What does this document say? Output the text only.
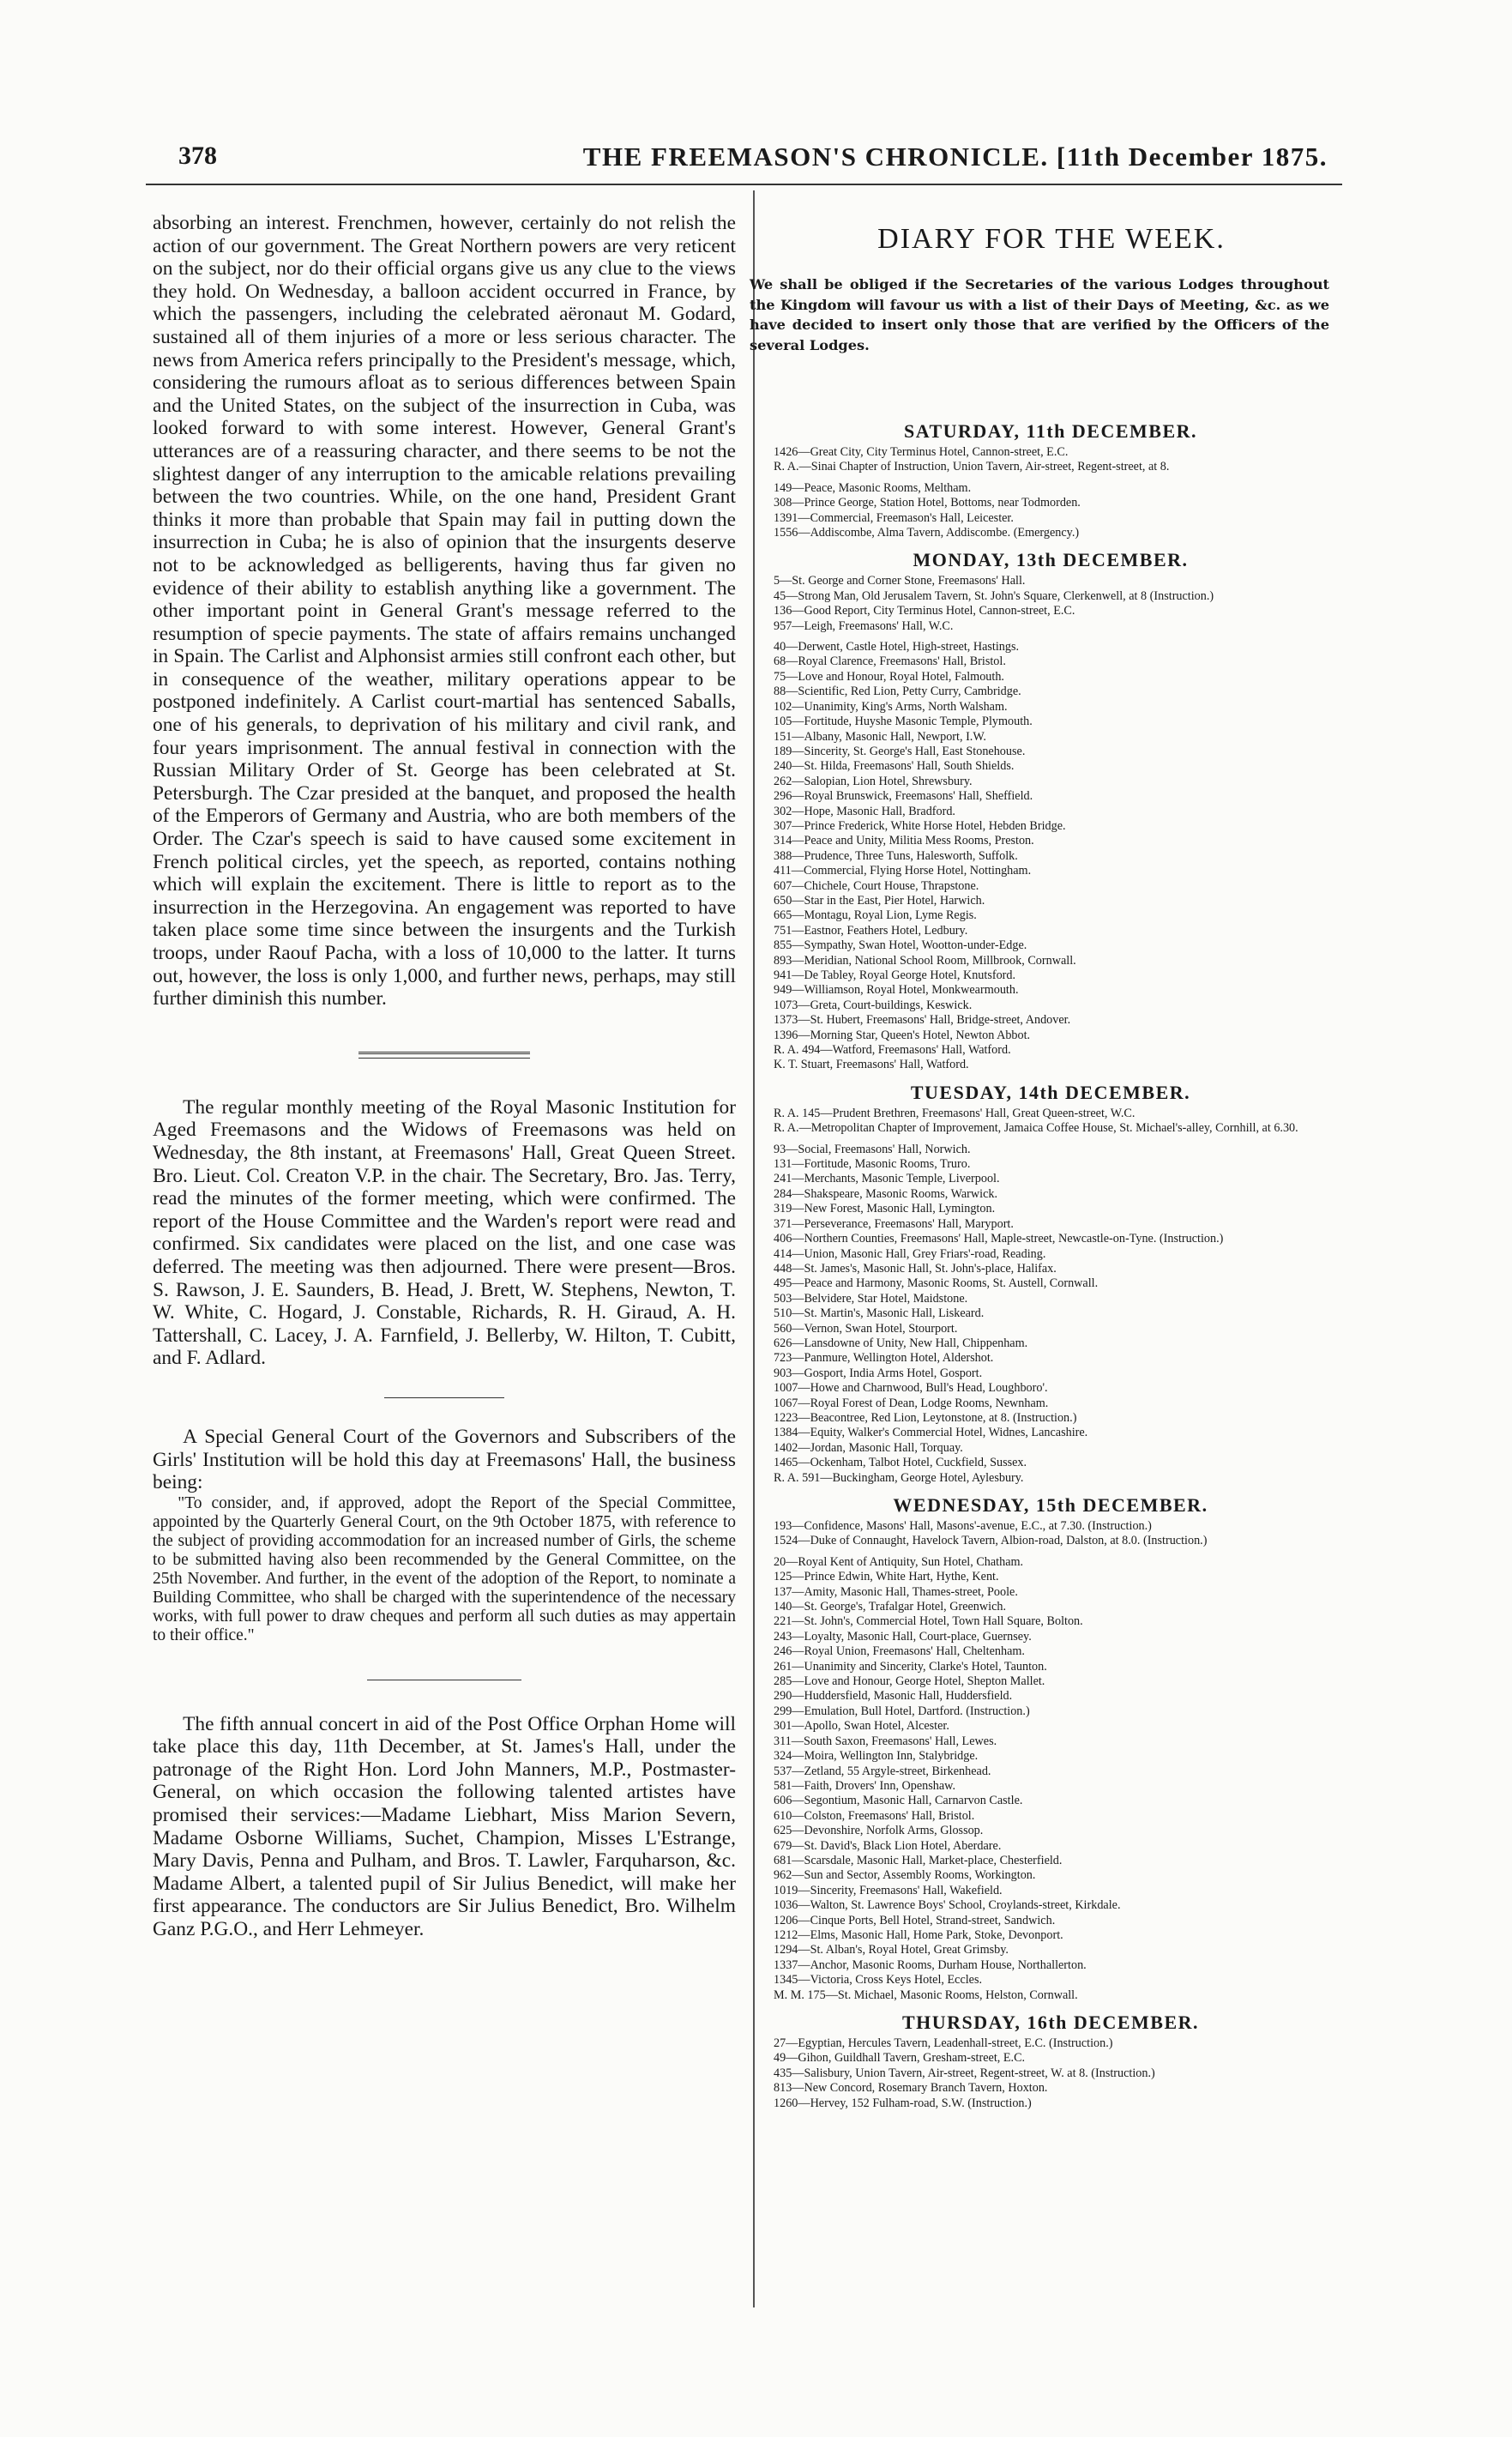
378	THE FREEMASON'S CHRONICLE. [11th December 1875.

absorbing an interest. Frenchmen, however, certainly do not relish the action of our government. The Great Northern powers are very reticent on the subject, nor do their official organs give us any clue to the views they hold. On Wednesday, a balloon accident occurred in France, by which the passengers, including the celebrated aëronaut M. Godard, sustained all of them injuries of a more or less serious character. The news from America refers principally to the President's message, which, considering the rumours afloat as to serious differences between Spain and the United States, on the subject of the insurrection in Cuba, was looked forward to with some interest. However, General Grant's utterances are of a reassuring character, and there seems to be not the slightest danger of any interruption to the amicable relations prevailing between the two countries. While, on the one hand, President Grant thinks it more than probable that Spain may fail in putting down the insurrection in Cuba; he is also of opinion that the insurgents deserve not to be acknowledged as belligerents, having thus far given no evidence of their ability to establish anything like a government. The other important point in General Grant's message referred to the resumption of specie payments. The state of affairs remains unchanged in Spain. The Carlist and Alphonsist armies still confront each other, but in consequence of the weather, military operations appear to be postponed indefinitely. A Carlist court-martial has sentenced Saballs, one of his generals, to deprivation of his military and civil rank, and four years imprisonment. The annual festival in connection with the Russian Military Order of St. George has been celebrated at St. Petersburgh. The Czar presided at the banquet, and proposed the health of the Emperors of Germany and Austria, who are both members of the Order. The Czar's speech is said to have caused some excitement in French political circles, yet the speech, as reported, contains nothing which will explain the excitement. There is little to report as to the insurrection in the Herzegovina. An engagement was reported to have taken place some time since between the insurgents and the Turkish troops, under Raouf Pacha, with a loss of 10,000 to the latter. It turns out, however, the loss is only 1,000, and further news, perhaps, may still further diminish this number.

The regular monthly meeting of the Royal Masonic Institution for Aged Freemasons and the Widows of Freemasons was held on Wednesday, the 8th instant, at Freemasons' Hall, Great Queen Street. Bro. Lieut. Col. Creaton V.P. in the chair. The Secretary, Bro. Jas. Terry, read the minutes of the former meeting, which were confirmed. The report of the House Committee and the Warden's report were read and confirmed. Six candidates were placed on the list, and one case was deferred. The meeting was then adjourned. There were present—Bros. S. Rawson, J. E. Saunders, B. Head, J. Brett, W. Stephens, Newton, T. W. White, C. Hogard, J. Constable, Richards, R. H. Giraud, A. H. Tattershall, C. Lacey, J. A. Farnfield, J. Bellerby, W. Hilton, T. Cubitt, and F. Adlard.

A Special General Court of the Governors and Subscribers of the Girls' Institution will be hold this day at Freemasons' Hall, the business being:

"To consider, and, if approved, adopt the Report of the Special Committee, appointed by the Quarterly General Court, on the 9th October 1875, with reference to the subject of providing accommodation for an increased number of Girls, the scheme to be submitted having also been recommended by the General Committee, on the 25th November. And further, in the event of the adoption of the Report, to nominate a Building Committee, who shall be charged with the superintendence of the necessary works, with full power to draw cheques and perform all such duties as may appertain to their office."

The fifth annual concert in aid of the Post Office Orphan Home will take place this day, 11th December, at St. James's Hall, under the patronage of the Right Hon. Lord John Manners, M.P., Postmaster-General, on which occasion the following talented artistes have promised their services:—Madame Liebhart, Miss Marion Severn, Madame Osborne Williams, Suchet, Champion, Misses L'Estrange, Mary Davis, Penna and Pulham, and Bros. T. Lawler, Farquharson, &c. Madame Albert, a talented pupil of Sir Julius Benedict, will make her first appearance. The conductors are Sir Julius Benedict, Bro. Wilhelm Ganz P.G.O., and Herr Lehmeyer.

DIARY FOR THE WEEK.
We shall be obliged if the Secretaries of the various Lodges throughout the Kingdom will favour us with a list of their Days of Meeting, &c. as we have decided to insert only those that are verified by the Officers of the several Lodges.
SATURDAY, 11th DECEMBER.
1426—Great City, City Terminus Hotel, Cannon-street, E.C.
R. A.—Sinai Chapter of Instruction, Union Tavern, Air-street, Regent-street, at 8.
149—Peace, Masonic Rooms, Meltham.
308—Prince George, Station Hotel, Bottoms, near Todmorden.
1391—Commercial, Freemason's Hall, Leicester.
1556—Addiscombe, Alma Tavern, Addiscombe. (Emergency.)
MONDAY, 13th DECEMBER.
5—St. George and Corner Stone, Freemasons' Hall.
45—Strong Man, Old Jerusalem Tavern, St. John's Square, Clerkenwell, at 8 (Instruction.)
136—Good Report, City Terminus Hotel, Cannon-street, E.C.
957—Leigh, Freemasons' Hall, W.C.
40—Derwent, Castle Hotel, High-street, Hastings.
68—Royal Clarence, Freemasons' Hall, Bristol.
75—Love and Honour, Royal Hotel, Falmouth.
88—Scientific, Red Lion, Petty Curry, Cambridge.
102—Unanimity, King's Arms, North Walsham.
105—Fortitude, Huyshe Masonic Temple, Plymouth.
151—Albany, Masonic Hall, Newport, I.W.
189—Sincerity, St. George's Hall, East Stonehouse.
240—St. Hilda, Freemasons' Hall, South Shields.
262—Salopian, Lion Hotel, Shrewsbury.
296—Royal Brunswick, Freemasons' Hall, Sheffield.
302—Hope, Masonic Hall, Bradford.
307—Prince Frederick, White Horse Hotel, Hebden Bridge.
314—Peace and Unity, Militia Mess Rooms, Preston.
388—Prudence, Three Tuns, Halesworth, Suffolk.
411—Commercial, Flying Horse Hotel, Nottingham.
607—Chichele, Court House, Thrapstone.
650—Star in the East, Pier Hotel, Harwich.
665—Montagu, Royal Lion, Lyme Regis.
751—Eastnor, Feathers Hotel, Ledbury.
855—Sympathy, Swan Hotel, Wootton-under-Edge.
893—Meridian, National School Room, Millbrook, Cornwall.
941—De Tabley, Royal George Hotel, Knutsford.
949—Williamson, Royal Hotel, Monkwearmouth.
1073—Greta, Court-buildings, Keswick.
1373—St. Hubert, Freemasons' Hall, Bridge-street, Andover.
1396—Morning Star, Queen's Hotel, Newton Abbot.
R. A. 494—Watford, Freemasons' Hall, Watford.
K. T. Stuart, Freemasons' Hall, Watford.
TUESDAY, 14th DECEMBER.
R. A. 145—Prudent Brethren, Freemasons' Hall, Great Queen-street, W.C.
R. A.—Metropolitan Chapter of Improvement, Jamaica Coffee House, St. Michael's-alley, Cornhill, at 6.30.
93—Social, Freemasons' Hall, Norwich.
131—Fortitude, Masonic Rooms, Truro.
241—Merchants, Masonic Temple, Liverpool.
284—Shakspeare, Masonic Rooms, Warwick.
319—New Forest, Masonic Hall, Lymington.
371—Perseverance, Freemasons' Hall, Maryport.
406—Northern Counties, Freemasons' Hall, Maple-street, Newcastle-on-Tyne. (Instruction.)
414—Union, Masonic Hall, Grey Friars'-road, Reading.
448—St. James's, Masonic Hall, St. John's-place, Halifax.
495—Peace and Harmony, Masonic Rooms, St. Austell, Cornwall.
503—Belvidere, Star Hotel, Maidstone.
510—St. Martin's, Masonic Hall, Liskeard.
560—Vernon, Swan Hotel, Stourport.
626—Lansdowne of Unity, New Hall, Chippenham.
723—Panmure, Wellington Hotel, Aldershot.
903—Gosport, India Arms Hotel, Gosport.
1007—Howe and Charnwood, Bull's Head, Loughboro'.
1067—Royal Forest of Dean, Lodge Rooms, Newnham.
1223—Beacontree, Red Lion, Leytonstone, at 8. (Instruction.)
1384—Equity, Walker's Commercial Hotel, Widnes, Lancashire.
1402—Jordan, Masonic Hall, Torquay.
1465—Ockenham, Talbot Hotel, Cuckfield, Sussex.
R. A. 591—Buckingham, George Hotel, Aylesbury.
WEDNESDAY, 15th DECEMBER.
193—Confidence, Masons' Hall, Masons'-avenue, E.C., at 7.30. (Instruction.)
1524—Duke of Connaught, Havelock Tavern, Albion-road, Dalston, at 8.0. (Instruction.)
20—Royal Kent of Antiquity, Sun Hotel, Chatham.
125—Prince Edwin, White Hart, Hythe, Kent.
137—Amity, Masonic Hall, Thames-street, Poole.
140—St. George's, Trafalgar Hotel, Greenwich.
221—St. John's, Commercial Hotel, Town Hall Square, Bolton.
243—Loyalty, Masonic Hall, Court-place, Guernsey.
246—Royal Union, Freemasons' Hall, Cheltenham.
261—Unanimity and Sincerity, Clarke's Hotel, Taunton.
285—Love and Honour, George Hotel, Shepton Mallet.
290—Huddersfield, Masonic Hall, Huddersfield.
299—Emulation, Bull Hotel, Dartford. (Instruction.)
301—Apollo, Swan Hotel, Alcester.
311—South Saxon, Freemasons' Hall, Lewes.
324—Moira, Wellington Inn, Stalybridge.
537—Zetland, 55 Argyle-street, Birkenhead.
581—Faith, Drovers' Inn, Openshaw.
606—Segontium, Masonic Hall, Carnarvon Castle.
610—Colston, Freemasons' Hall, Bristol.
625—Devonshire, Norfolk Arms, Glossop.
679—St. David's, Black Lion Hotel, Aberdare.
681—Scarsdale, Masonic Hall, Market-place, Chesterfield.
962—Sun and Sector, Assembly Rooms, Workington.
1019—Sincerity, Freemasons' Hall, Wakefield.
1036—Walton, St. Lawrence Boys' School, Croylands-street, Kirkdale.
1206—Cinque Ports, Bell Hotel, Strand-street, Sandwich.
1212—Elms, Masonic Hall, Home Park, Stoke, Devonport.
1294—St. Alban's, Royal Hotel, Great Grimsby.
1337—Anchor, Masonic Rooms, Durham House, Northallerton.
1345—Victoria, Cross Keys Hotel, Eccles.
M. M. 175—St. Michael, Masonic Rooms, Helston, Cornwall.
THURSDAY, 16th DECEMBER.
27—Egyptian, Hercules Tavern, Leadenhall-street, E.C. (Instruction.)
49—Gihon, Guildhall Tavern, Gresham-street, E.C.
435—Salisbury, Union Tavern, Air-street, Regent-street, W. at 8. (Instruction.)
813—New Concord, Rosemary Branch Tavern, Hoxton.
1260—Hervey, 152 Fulham-road, S.W. (Instruction.)
